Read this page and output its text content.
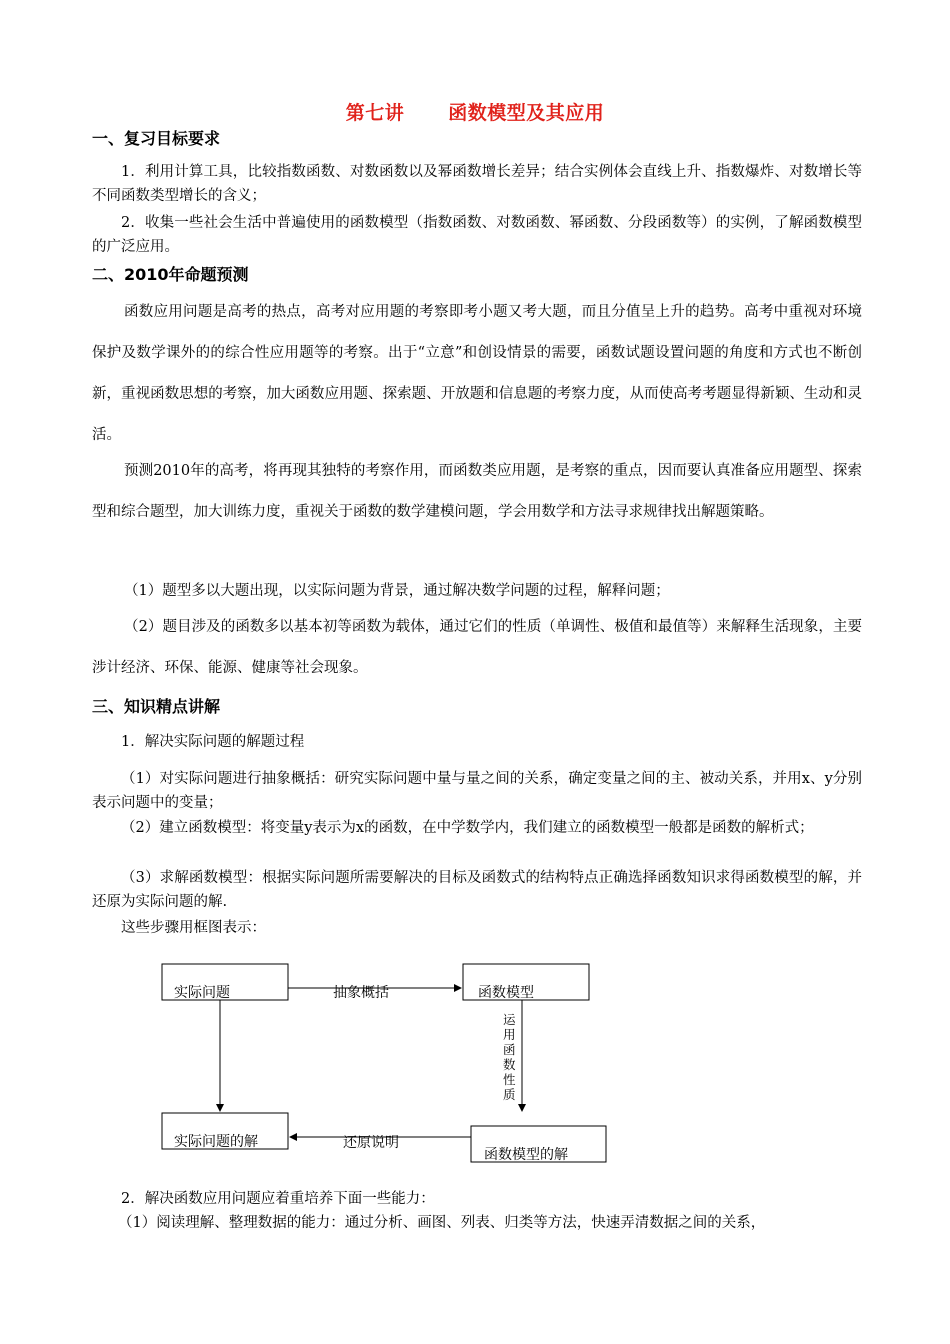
第七讲 函数模型及其应用
一、复习目标要求
1．利用计算工具，比较指数函数、对数函数以及幂函数增长差异；结合实例体会直线上升、指数爆炸、对数增长等不同函数类型增长的含义；
2．收集一些社会生活中普遍使用的函数模型（指数函数、对数函数、幂函数、分段函数等）的实例，了解函数模型的广泛应用。
二、2010年命题预测
函数应用问题是高考的热点，高考对应用题的考察即考小题又考大题，而且分值呈上升的趋势。高考中重视对环境保护及数学课外的的综合性应用题等的考察。出于“立意”和创设情景的需要，函数试题设置问题的角度和方式也不断创新，重视函数思想的考察，加大函数应用题、探索题、开放题和信息题的考察力度，从而使高考考题显得新颖、生动和灵活。
预测2010年的高考，将再现其独特的考察作用，而函数类应用题，是考察的重点，因而要认真准备应用题型、探索型和综合题型，加大训练力度，重视关于函数的数学建模问题，学会用数学和方法寻求规律找出解题策略。
（1）题型多以大题出现，以实际问题为背景，通过解决数学问题的过程，解释问题；
（2）题目涉及的函数多以基本初等函数为载体，通过它们的性质（单调性、极值和最值等）来解释生活现象，主要涉计经济、环保、能源、健康等社会现象。
三、知识精点讲解
1．解决实际问题的解题过程
（1）对实际问题进行抽象概括：研究实际问题中量与量之间的关系，确定变量之间的主、被动关系，并用x、y分别表示问题中的变量；
（2）建立函数模型：将变量y表示为x的函数，在中学数学内，我们建立的函数模型一般都是函数的解析式；
（3）求解函数模型：根据实际问题所需要解决的目标及函数式的结构特点正确选择函数知识求得函数模型的解，并还原为实际问题的解.
这些步骤用框图表示：
实际问题	函数模型
实际问题的解
函数模型的解
抽象概括
运
用
函
数
性
质
还原说明
2．解决函数应用问题应着重培养下面一些能力：
（1）阅读理解、整理数据的能力：通过分析、画图、列表、归类等方法，快速弄清数据之间的关系，
